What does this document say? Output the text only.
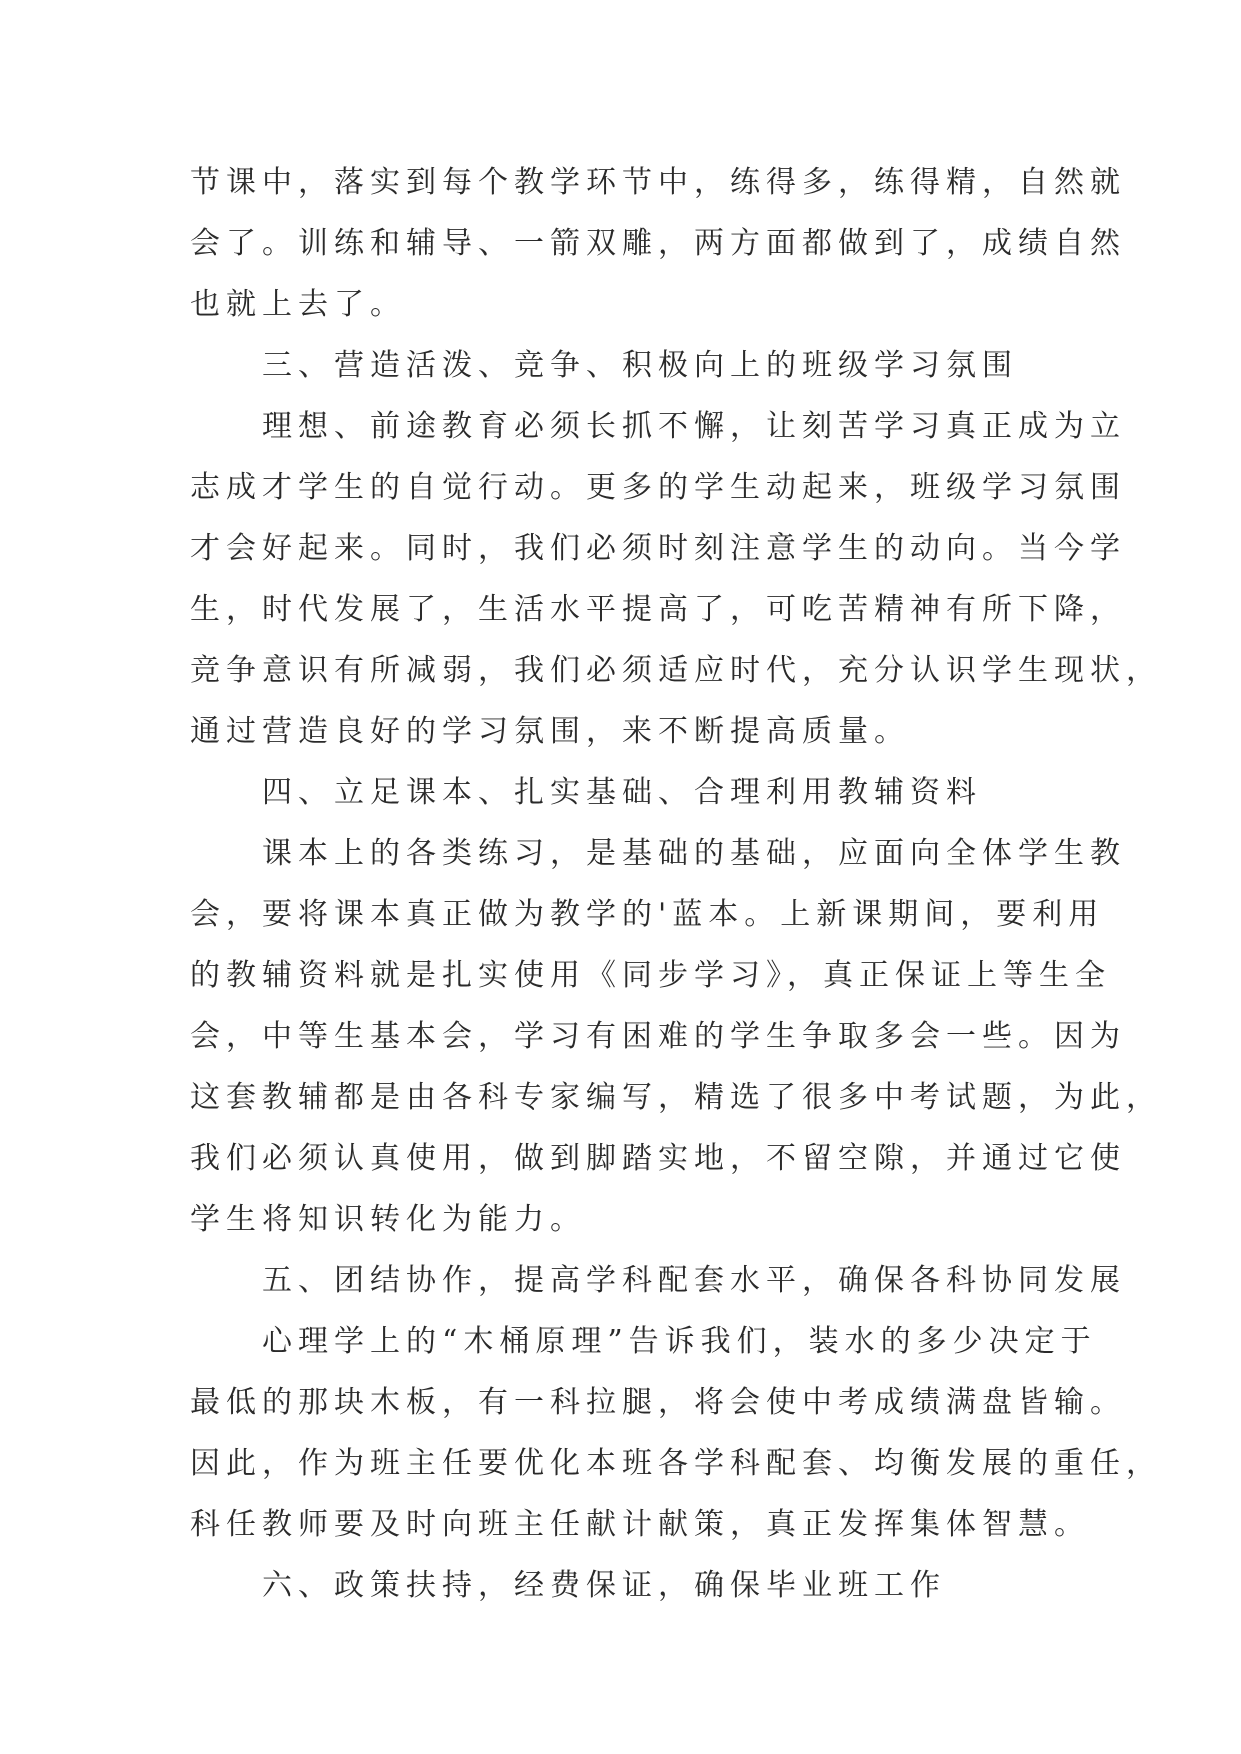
节课中，落实到每个教学环节中，练得多，练得精，自然就
会了。训练和辅导、一箭双雕，两方面都做到了，成绩自然
也就上去了。
　　三、营造活泼、竞争、积极向上的班级学习氛围
　　理想、前途教育必须长抓不懈，让刻苦学习真正成为立
志成才学生的自觉行动。更多的学生动起来，班级学习氛围
才会好起来。同时，我们必须时刻注意学生的动向。当今学
生，时代发展了，生活水平提高了，可吃苦精神有所下降，
竞争意识有所减弱，我们必须适应时代，充分认识学生现状，
通过营造良好的学习氛围，来不断提高质量。
　　四、立足课本、扎实基础、合理利用教辅资料
　　课本上的各类练习，是基础的基础，应面向全体学生教
会，要将课本真正做为教学的'蓝本。上新课期间，要利用
的教辅资料就是扎实使用《同步学习》，真正保证上等生全
会，中等生基本会，学习有困难的学生争取多会一些。因为
这套教辅都是由各科专家编写，精选了很多中考试题，为此，
我们必须认真使用，做到脚踏实地，不留空隙，并通过它使
学生将知识转化为能力。
　　五、团结协作，提高学科配套水平，确保各科协同发展
　　心理学上的“木桶原理”告诉我们，装水的多少决定于
最低的那块木板，有一科拉腿，将会使中考成绩满盘皆输。
因此，作为班主任要优化本班各学科配套、均衡发展的重任，
科任教师要及时向班主任献计献策，真正发挥集体智慧。
　　六、政策扶持，经费保证，确保毕业班工作
